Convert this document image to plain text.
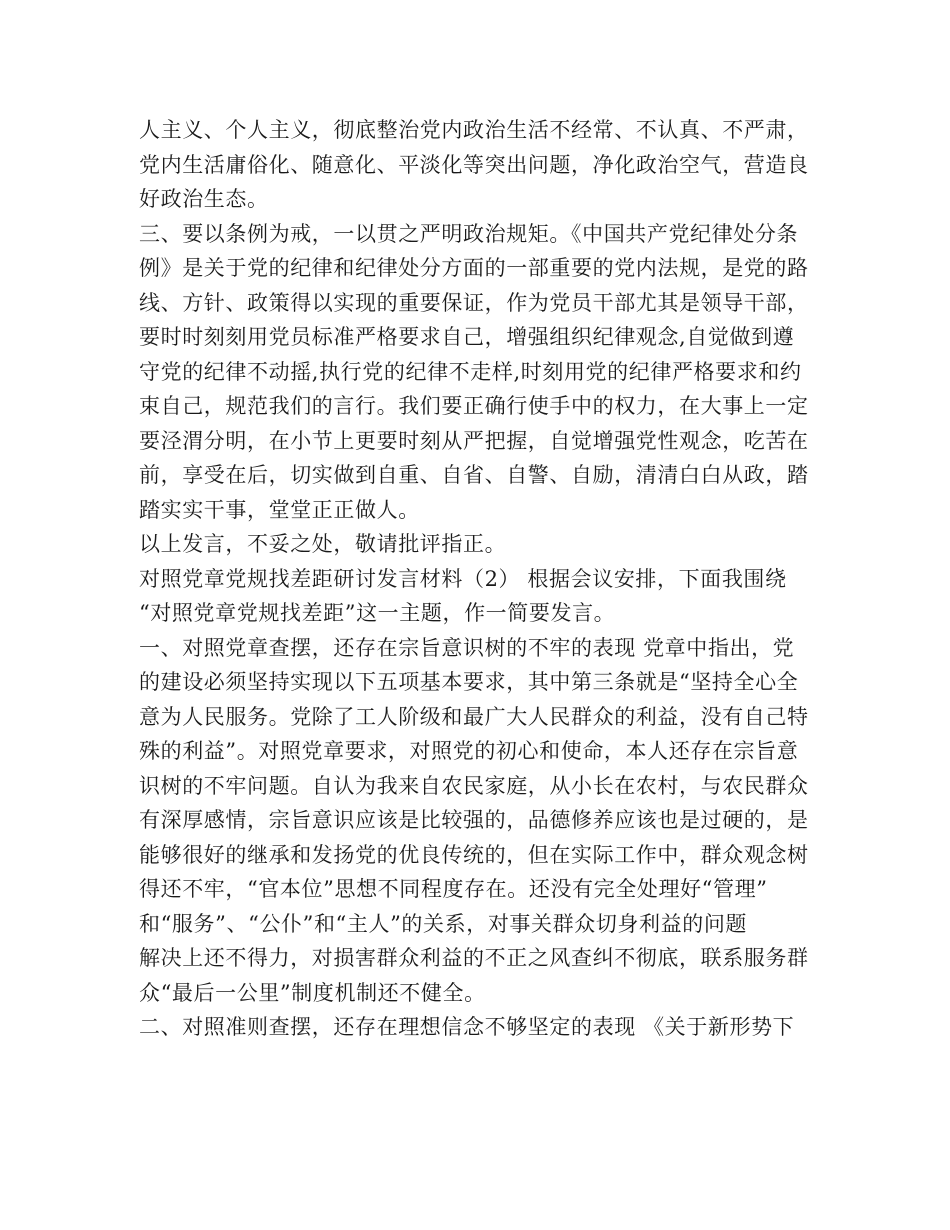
人主义、个人主义，彻底整治党内政治生活不经常、不认真、不严肃，
党内生活庸俗化、随意化、平淡化等突出问题，净化政治空气，营造良
好政治生态。
三、要以条例为戒，一以贯之严明政治规矩。《中国共产党纪律处分条
例》是关于党的纪律和纪律处分方面的一部重要的党内法规，是党的路
线、方针、政策得以实现的重要保证，作为党员干部尤其是领导干部，
要时时刻刻用党员标准严格要求自己，增强组织纪律观念,自觉做到遵
守党的纪律不动摇,执行党的纪律不走样,时刻用党的纪律严格要求和约
束自己，规范我们的言行。我们要正确行使手中的权力，在大事上一定
要泾渭分明，在小节上更要时刻从严把握，自觉增强党性观念，吃苦在
前，享受在后，切实做到自重、自省、自警、自励，清清白白从政，踏
踏实实干事，堂堂正正做人。
以上发言，不妥之处，敬请批评指正。
对照党章党规找差距研讨发言材料（2） 根据会议安排，下面我围绕
“对照党章党规找差距”这一主题，作一简要发言。
一、对照党章查摆，还存在宗旨意识树的不牢的表现 党章中指出，党
的建设必须坚持实现以下五项基本要求，其中第三条就是“坚持全心全
意为人民服务。党除了工人阶级和最广大人民群众的利益，没有自己特
殊的利益”。对照党章要求，对照党的初心和使命，本人还存在宗旨意
识树的不牢问题。自认为我来自农民家庭，从小长在农村，与农民群众
有深厚感情，宗旨意识应该是比较强的，品德修养应该也是过硬的，是
能够很好的继承和发扬党的优良传统的，但在实际工作中，群众观念树
得还不牢，“官本位”思想不同程度存在。还没有完全处理好“管理”
和“服务”、“公仆”和“主人”的关系，对事关群众切身利益的问题
解决上还不得力，对损害群众利益的不正之风查纠不彻底，联系服务群
众“最后一公里”制度机制还不健全。
二、对照准则查摆，还存在理想信念不够坚定的表现 《关于新形势下
